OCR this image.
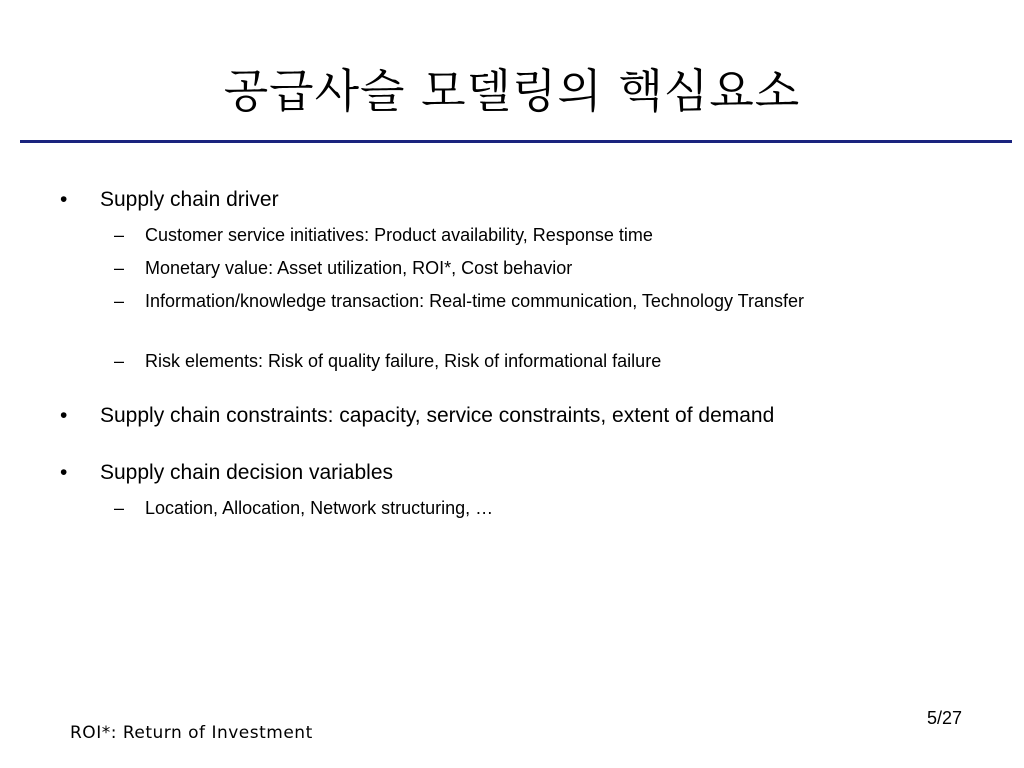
공급사슬 모델링의 핵심요소
• Supply chain driver
– Customer service initiatives: Product availability, Response time
– Monetary value: Asset utilization, ROI*, Cost behavior
– Information/knowledge transaction: Real-time communication, Technology Transfer
– Risk elements: Risk of quality failure, Risk of informational failure
• Supply chain constraints: capacity, service constraints, extent of demand
• Supply chain decision variables
– Location, Allocation, Network structuring, …
5/27
ROI*: Return of Investment
